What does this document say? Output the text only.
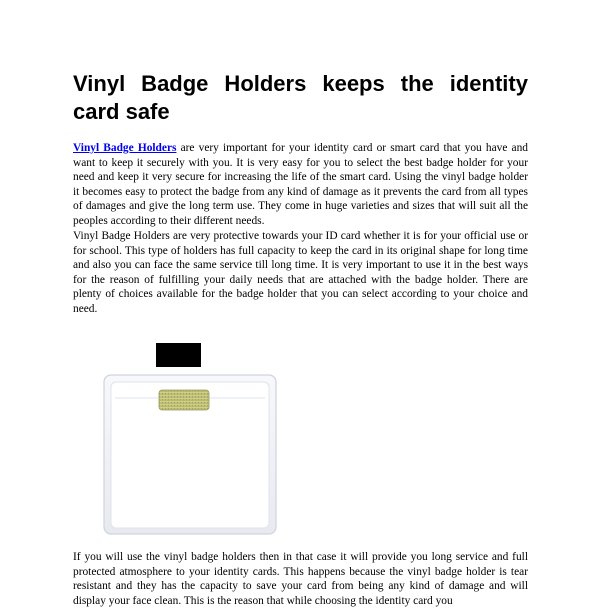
Vinyl Badge Holders keeps the identity card safe

Vinyl Badge Holders are very important for your identity card or smart card that you have and want to keep it securely with you. It is very easy for you to select the best badge holder for your need and keep it very secure for increasing the life of the smart card. Using the vinyl badge holder it becomes easy to protect the badge from any kind of damage as it prevents the card from all types of damages and give the long term use. They come in huge varieties and sizes that will suit all the peoples according to their different needs.

Vinyl Badge Holders are very protective towards your ID card whether it is for your official use or for school. This type of holders has full capacity to keep the card in its original shape for long time and also you can face the same service till long time. It is very important to use it in the best ways for the reason of fulfilling your daily needs that are attached with the badge holder. There are plenty of choices available for the badge holder that you can select according to your choice and need.

If you will use the vinyl badge holders then in that case it will provide you long service and full protected atmosphere to your identity cards. This happens because the vinyl badge holder is tear resistant and they has the capacity to save your card from being any kind of damage and will display your face clean. This is the reason that while choosing the identity card you
